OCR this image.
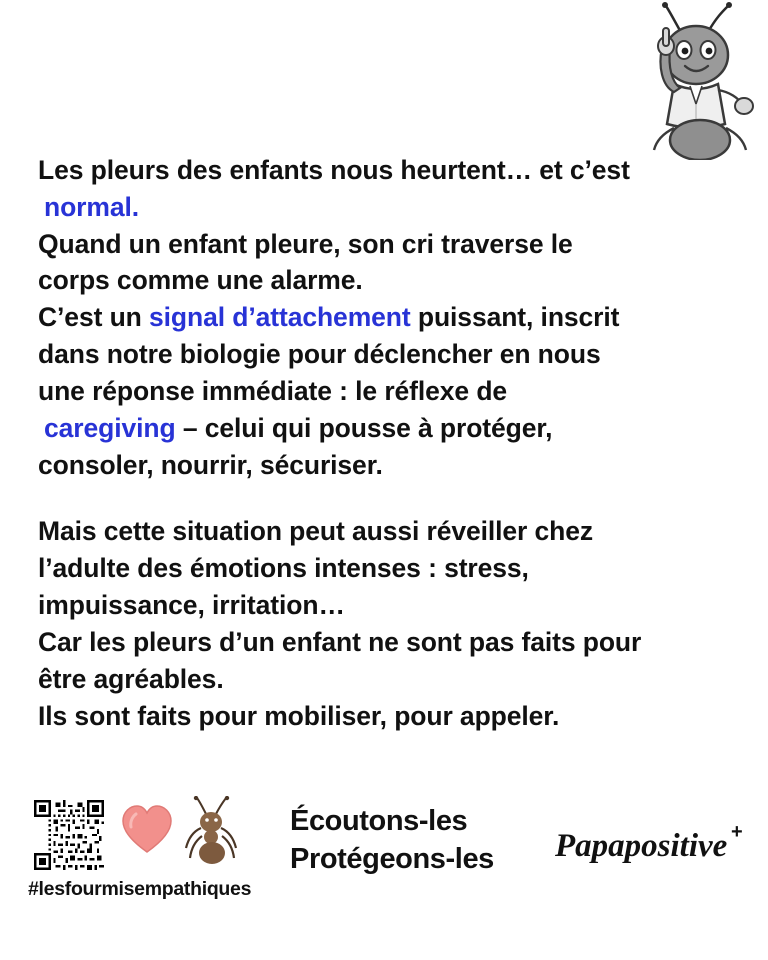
Les pleurs des enfants nous heurtent… et c’est
normal.
Quand un enfant pleure, son cri traverse le
corps comme une alarme.
C’est un signal d’attachement puissant, inscrit
dans notre biologie pour déclencher en nous
une réponse immédiate : le réflexe de
caregiving – celui qui pousse à protéger,
consoler, nourrir, sécuriser.
Mais cette situation peut aussi réveiller chez
l’adulte des émotions intenses : stress,
impuissance, irritation…
Car les pleurs d’un enfant ne sont pas faits pour
être agréables.
Ils sont faits pour mobiliser, pour appeler.
#lesfourmisempathiques
Écoutons-les
Protégeons-les Papapositive +
